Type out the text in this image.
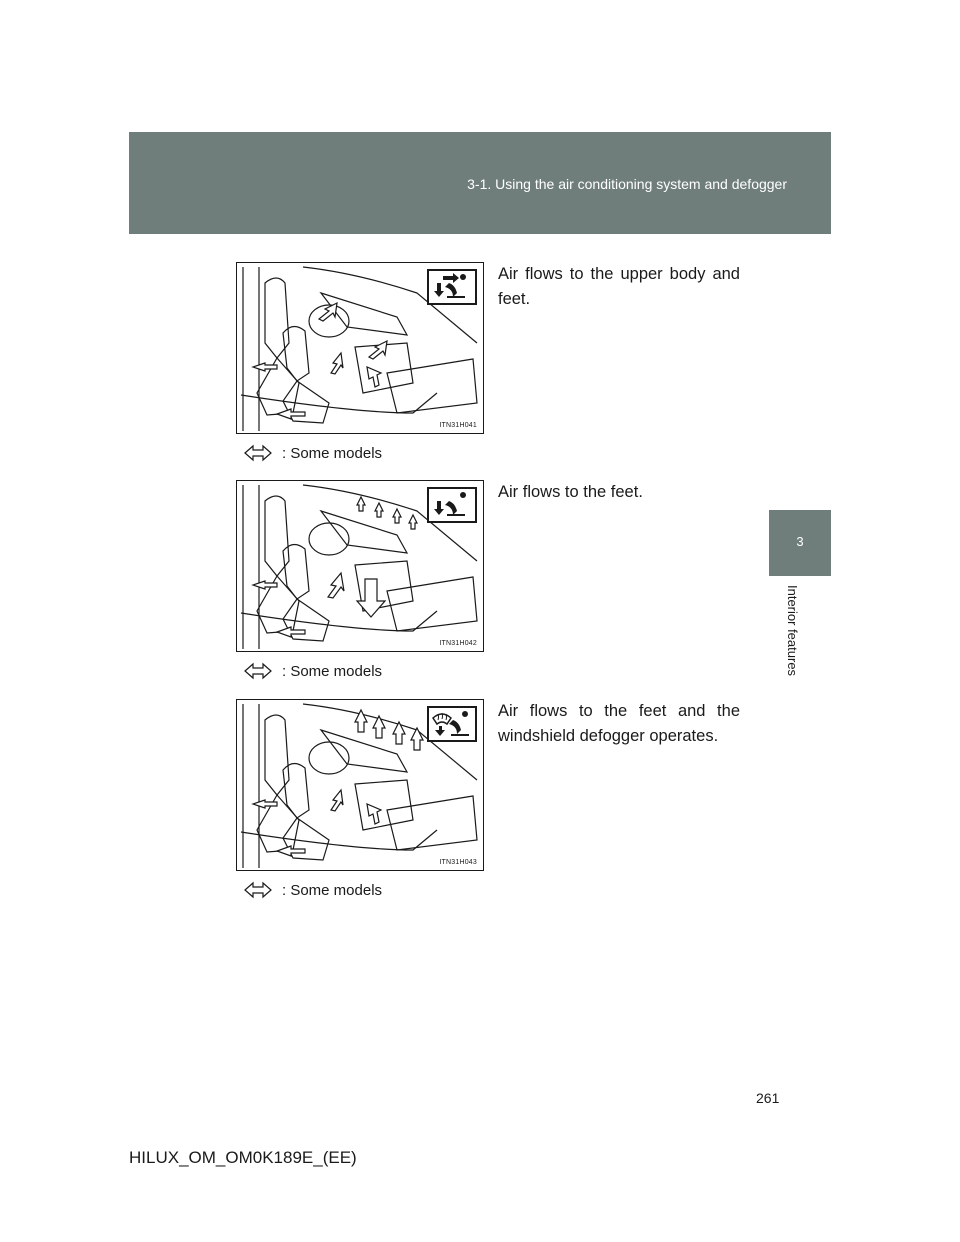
3-1. Using the air conditioning system and defogger
3
Interior features
ITN31H041
Air flows to the upper body and feet.
: Some models
ITN31H042
Air flows to the feet.
: Some models
ITN31H043
Air flows to the feet and the windshield defogger operates.
: Some models
261
HILUX_OM_OM0K189E_(EE)
